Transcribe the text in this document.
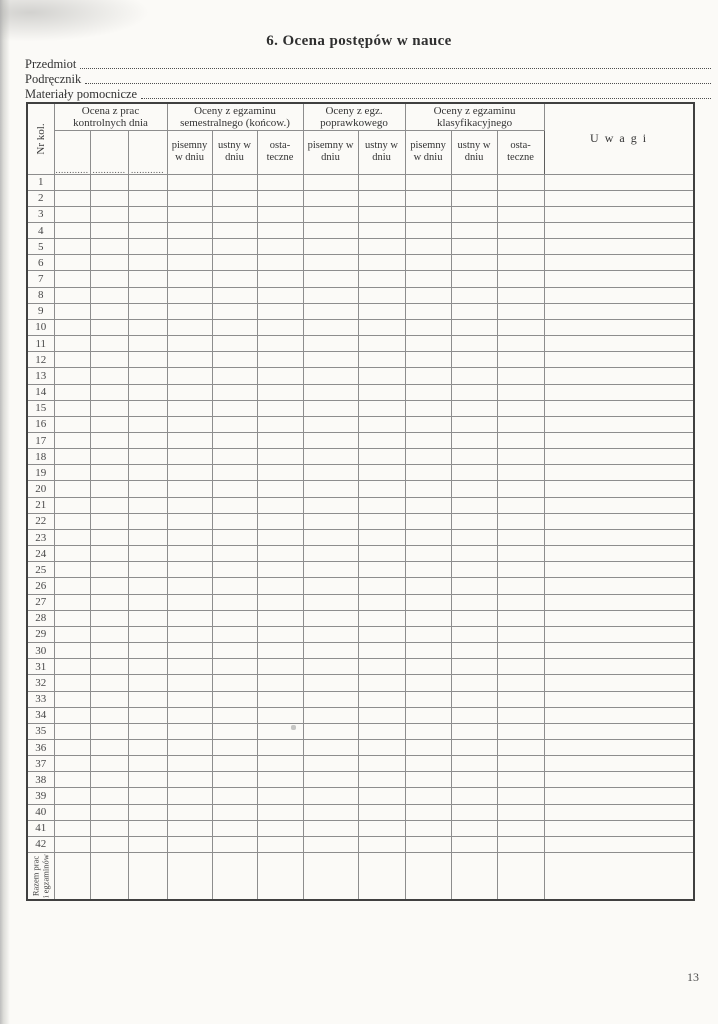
6. Ocena postępów w nauce
Przedmiot
Podręcznik
Materiały pomocnicze
Nr kol.	Ocena z prac kontrolnych dnia			Oceny z egzaminu semestralnego (końcow.)			Oceny z egz. poprawkowego		Oceny z egzaminu klasyfikacyjnego			U w a g i

	............	............	............	pisemny w dniu	ustny w dniu	osta-teczne	pisemny w dniu	ustny w dniu	pisemny w dniu	ustny w dniu	osta-teczne	
1												
2												
3												
4												
5												
6												
7												
8												
9												
10												
11												
12												
13												
14												
15												
16												
17												
18												
19												
20												
21												
22												
23												
24												
25												
26												
27												
28												
29												
30												
31												
32												
33												
34												
35												
36												
37												
38												
39												
40												
41												
42												

Razem prac i egzaminów												

13
